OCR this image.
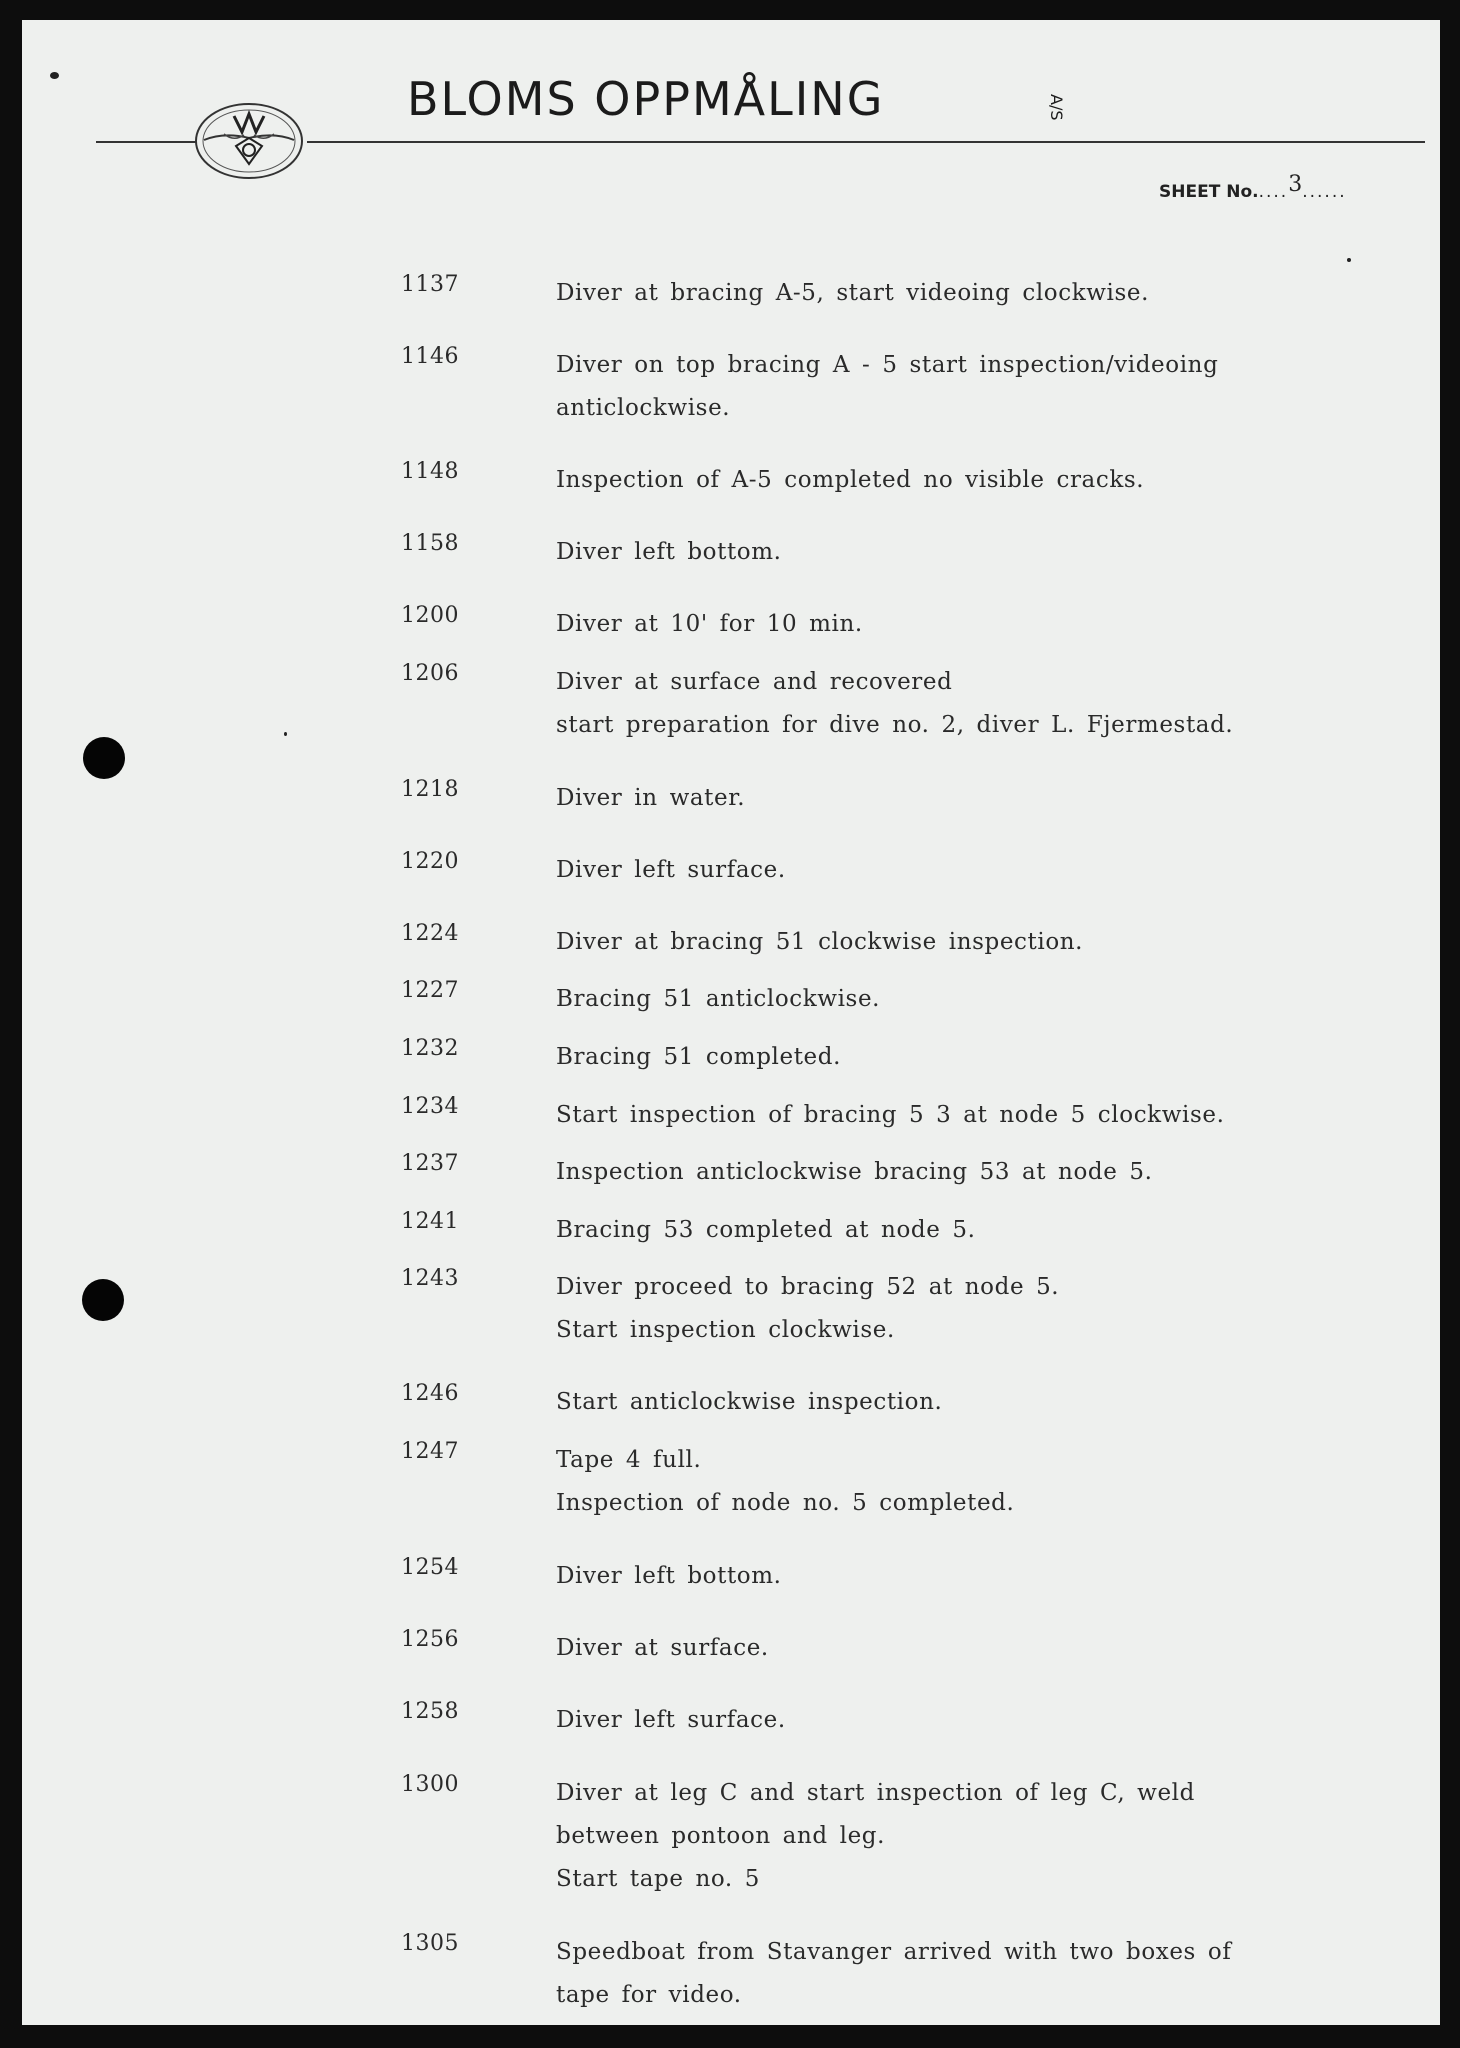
BLOMS OPPMÅLING	A/S
SHEET No.....3......
1137	Diver at bracing A-5, start videoing clockwise.
1146	Diver on top bracing A - 5 start inspection/videoing
anticlockwise.
1148	Inspection of A-5 completed no visible cracks.
1158	Diver left bottom.
1200	Diver at 10' for 10 min.
1206	Diver at surface and recovered
start preparation for dive no. 2, diver L. Fjermestad.
1218	Diver in water.
1220	Diver left surface.
1224	Diver at bracing 51 clockwise inspection.
1227	Bracing 51 anticlockwise.
1232	Bracing 51 completed.
1234	Start inspection of bracing 5 3 at node 5 clockwise.
1237	Inspection anticlockwise bracing 53 at node 5.
1241	Bracing 53 completed at node 5.
1243	Diver proceed to bracing 52 at node 5.
Start inspection clockwise.
1246	Start anticlockwise inspection.
1247	Tape 4 full.
Inspection of node no. 5 completed.
1254	Diver left bottom.
1256	Diver at surface.
1258	Diver left surface.
1300	Diver at leg C and start inspection of leg C, weld
between pontoon and leg.
Start tape no. 5
1305	Speedboat from Stavanger arrived with two boxes of
tape for video.
